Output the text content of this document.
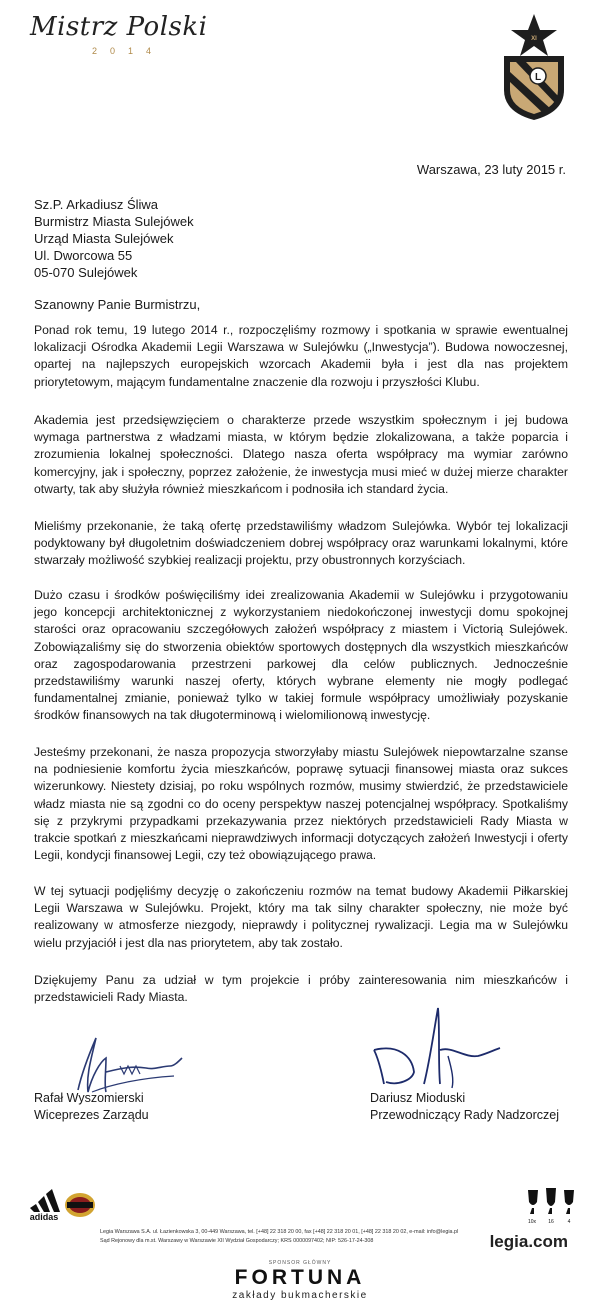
Mistrz Polski
2014
XI
L
Warszawa, 23 luty 2015 r.
Sz.P. Arkadiusz Śliwa
Burmistrz Miasta Sulejówek
Urząd Miasta Sulejówek
Ul. Dworcowa 55
05-070 Sulejówek
Szanowny Panie Burmistrzu,
Ponad rok temu, 19 lutego 2014 r., rozpoczęliśmy rozmowy i spotkania w sprawie ewentualnej lokalizacji Ośrodka Akademii Legii Warszawa w Sulejówku („Inwestycja”). Budowa nowoczesnej, opartej na najlepszych europejskich wzorcach Akademii była i jest dla nas projektem priorytetowym, mającym fundamentalne znaczenie dla rozwoju i przyszłości Klubu.
Akademia jest przedsięwzięciem o charakterze przede wszystkim społecznym i jej budowa wymaga partnerstwa z władzami miasta, w którym będzie zlokalizowana, a także poparcia i zrozumienia lokalnej społeczności. Dlatego nasza oferta współpracy ma wymiar zarówno komercyjny, jak i społeczny, poprzez założenie, że inwestycja musi mieć w dużej mierze charakter otwarty, tak aby służyła również mieszkańcom i podnosiła ich standard życia.
Mieliśmy przekonanie, że taką ofertę przedstawiliśmy władzom Sulejówka. Wybór tej lokalizacji podyktowany był długoletnim doświadczeniem dobrej współpracy oraz warunkami lokalnymi, które stwarzały możliwość szybkiej realizacji projektu, przy obustronnych korzyściach.
Dużo czasu i środków poświęciliśmy idei zrealizowania Akademii w Sulejówku i przygotowaniu jego koncepcji architektonicznej z wykorzystaniem niedokończonej inwestycji domu spokojnej starości oraz opracowaniu szczegółowych założeń współpracy z miastem i Victorią Sulejówek. Zobowiązaliśmy się do stworzenia obiektów sportowych dostępnych dla wszystkich mieszkańców oraz zagospodarowania przestrzeni parkowej dla celów publicznych. Jednocześnie przedstawiliśmy warunki naszej oferty, których wybrane elementy nie mogły podlegać fundamentalnej zmianie, ponieważ tylko w takiej formule współpracy umożliwiały pozyskanie środków finansowych na tak długoterminową i wielomilionową inwestycję.
Jesteśmy przekonani, że nasza propozycja stworzyłaby miastu Sulejówek niepowtarzalne szanse na podniesienie komfortu życia mieszkańców, poprawę sytuacji finansowej miasta oraz sukces wizerunkowy. Niestety dzisiaj, po roku wspólnych rozmów, musimy stwierdzić, że przedstawiciele władz miasta nie są zgodni co do oceny perspektyw naszej potencjalnej współpracy. Spotkaliśmy się z przykrymi przypadkami przekazywania przez niektórych przedstawicieli Rady Miasta w trakcie spotkań z mieszkańcami nieprawdziwych informacji dotyczących założeń Inwestycji i oferty Legii, kondycji finansowej Legii, czy też obowiązującego prawa.
W tej sytuacji podjęliśmy decyzję o zakończeniu rozmów na temat budowy Akademii Piłkarskiej Legii Warszawa w Sulejówku. Projekt, który ma tak silny charakter społeczny, nie może być realizowany w atmosferze niezgody, nieprawdy i politycznej rywalizacji. Legia ma w Sulejówku wielu przyjaciół i jest dla nas priorytetem, aby tak zostało.
Dziękujemy Panu za udział w tym projekcie i próby zainteresowania nim mieszkańców i przedstawicieli Rady Miasta.
Rafał Wyszomierski
Wiceprezes Zarządu
Dariusz Mioduski
Przewodniczący Rady Nadzorczej
adidas	10x 16	4
Legia Warszawa S.A. ul. Łazienkowska 3, 00-449 Warszawa, tel. [+48] 22 318 20 00, fax [+48] 22 318 20 01, [+48] 22 318 20 02, e-mail: info@legia.pl
Sąd Rejonowy dla m.st. Warszawy w Warszawie XII Wydział Gospodarczy; KRS 0000097402; NIP: 526-17-24-308	legia.com
SPONSOR GŁÓWNY
FORTUNA
zakłady bukmacherskie
